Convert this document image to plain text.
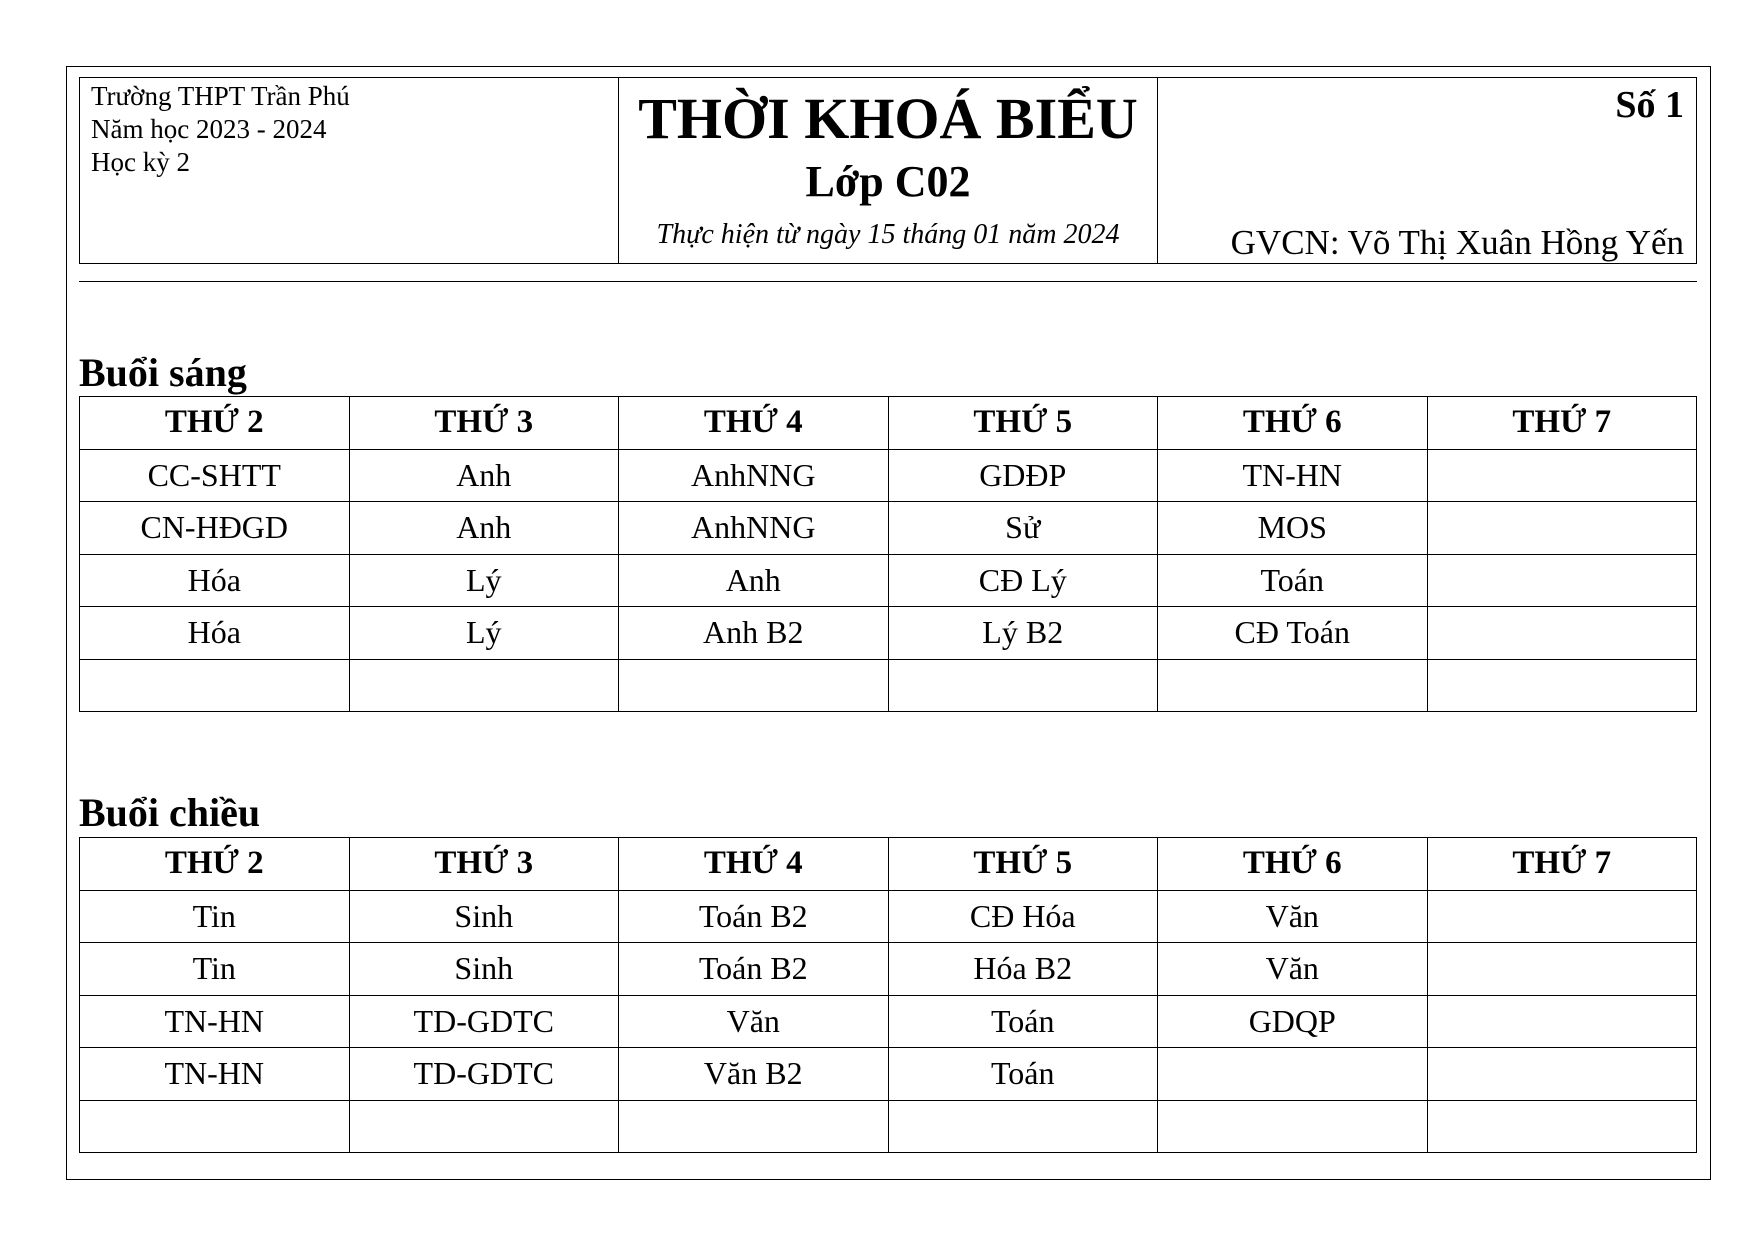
Trường THPT Trần Phú
Năm học 2023 - 2024
Học kỳ 2
THỜI KHOÁ BIỂU
Lớp C02
Thực hiện từ ngày 15 tháng 01 năm 2024
Số 1
GVCN: Võ Thị Xuân Hồng Yến
Buổi sáng
THỨ 2	THỨ 3	THỨ 4	THỨ 5	THỨ 6	THỨ 7
CC-SHTT	Anh	AnhNNG	GDĐP	TN-HN	
CN-HĐGD	Anh	AnhNNG	Sử	MOS	
Hóa	Lý	Anh	CĐ Lý	Toán	
Hóa	Lý	Anh B2	Lý B2	CĐ Toán	

Buổi chiều
THỨ 2	THỨ 3	THỨ 4	THỨ 5	THỨ 6	THỨ 7
Tin	Sinh	Toán B2	CĐ Hóa	Văn	
Tin	Sinh	Toán B2	Hóa B2	Văn	
TN-HN	TD-GDTC	Văn	Toán	GDQP	
TN-HN	TD-GDTC	Văn B2	Toán		
